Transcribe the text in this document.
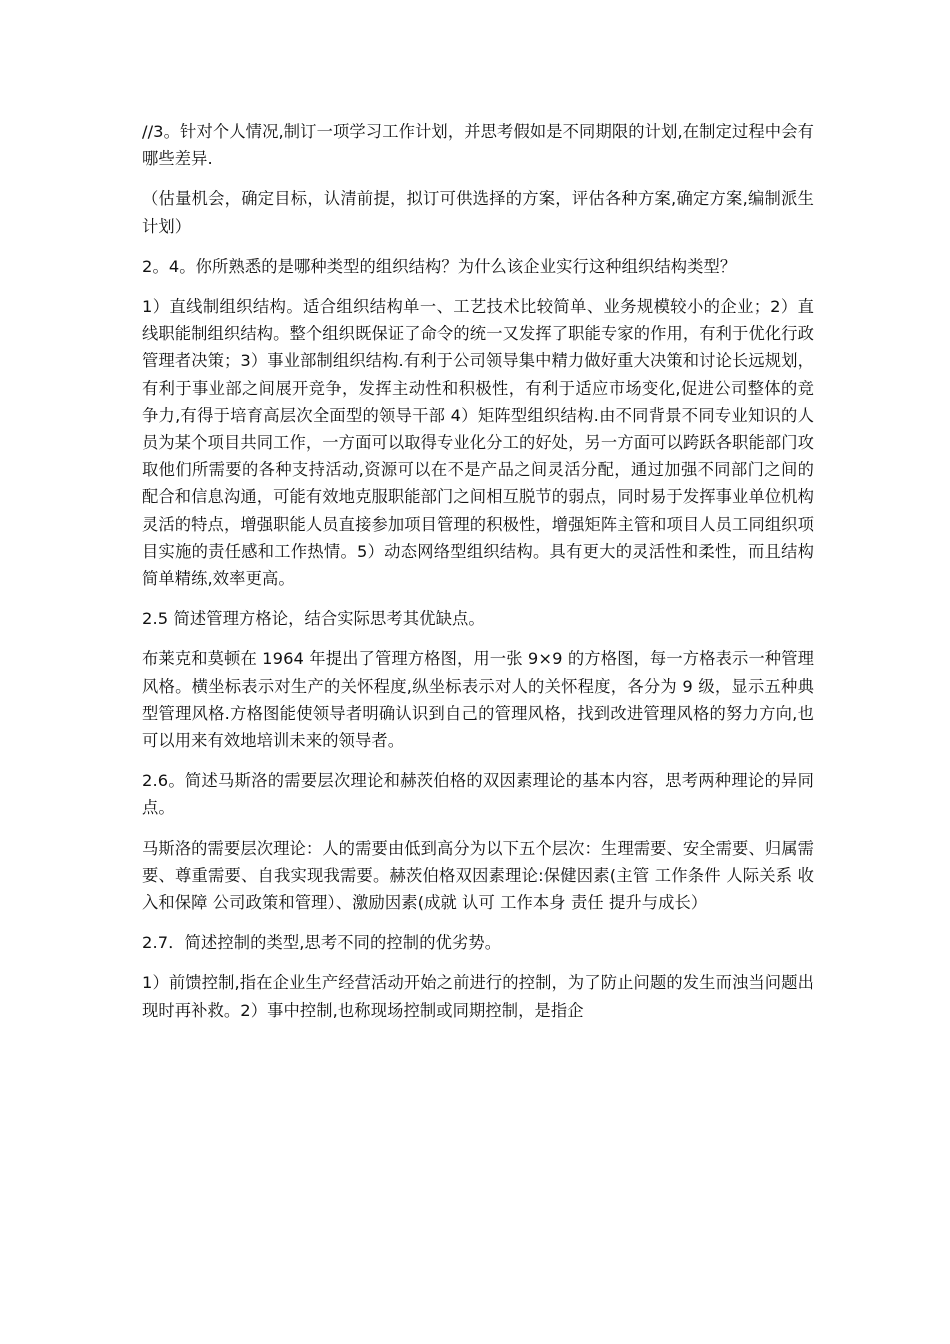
//3。针对个人情况,制订一项学习工作计划，并思考假如是不同期限的计划,在制定过程中会有哪些差异.

（估量机会，确定目标，认清前提，拟订可供选择的方案，评估各种方案,确定方案,编制派生计划）

2。4。你所熟悉的是哪种类型的组织结构？为什么该企业实行这种组织结构类型？

1）直线制组织结构。适合组织结构单一、工艺技术比较简单、业务规模较小的企业；2）直线职能制组织结构。整个组织既保证了命令的统一又发挥了职能专家的作用，有利于优化行政管理者决策；3）事业部制组织结构.有利于公司领导集中精力做好重大决策和讨论长远规划，有利于事业部之间展开竞争，发挥主动性和积极性，有利于适应市场变化,促进公司整体的竞争力,有得于培育高层次全面型的领导干部 4）矩阵型组织结构.由不同背景不同专业知识的人员为某个项目共同工作，一方面可以取得专业化分工的好处，另一方面可以跨跃各职能部门攻取他们所需要的各种支持活动,资源可以在不是产品之间灵活分配，通过加强不同部门之间的配合和信息沟通，可能有效地克服职能部门之间相互脱节的弱点，同时易于发挥事业单位机构灵活的特点，增强职能人员直接参加项目管理的积极性，增强矩阵主管和项目人员工同组织项目实施的责任感和工作热情。5）动态网络型组织结构。具有更大的灵活性和柔性，而且结构简单精练,效率更高。

2.5 简述管理方格论，结合实际思考其优缺点。

布莱克和莫顿在 1964 年提出了管理方格图，用一张 9×9 的方格图，每一方格表示一种管理风格。横坐标表示对生产的关怀程度,纵坐标表示对人的关怀程度，各分为 9 级，显示五种典型管理风格.方格图能使领导者明确认识到自己的管理风格，找到改进管理风格的努力方向,也可以用来有效地培训未来的领导者。

2.6。简述马斯洛的需要层次理论和赫茨伯格的双因素理论的基本内容，思考两种理论的异同点。

马斯洛的需要层次理论：人的需要由低到高分为以下五个层次：生理需要、安全需要、归属需要、尊重需要、自我实现我需要。赫茨伯格双因素理论:保健因素(主管 工作条件 人际关系 收入和保障 公司政策和管理）、激励因素(成就 认可 工作本身 责任 提升与成长）

2.7．简述控制的类型,思考不同的控制的优劣势。

1）前馈控制,指在企业生产经营活动开始之前进行的控制，为了防止问题的发生而浊当问题出现时再补救。2）事中控制,也称现场控制或同期控制，是指企
